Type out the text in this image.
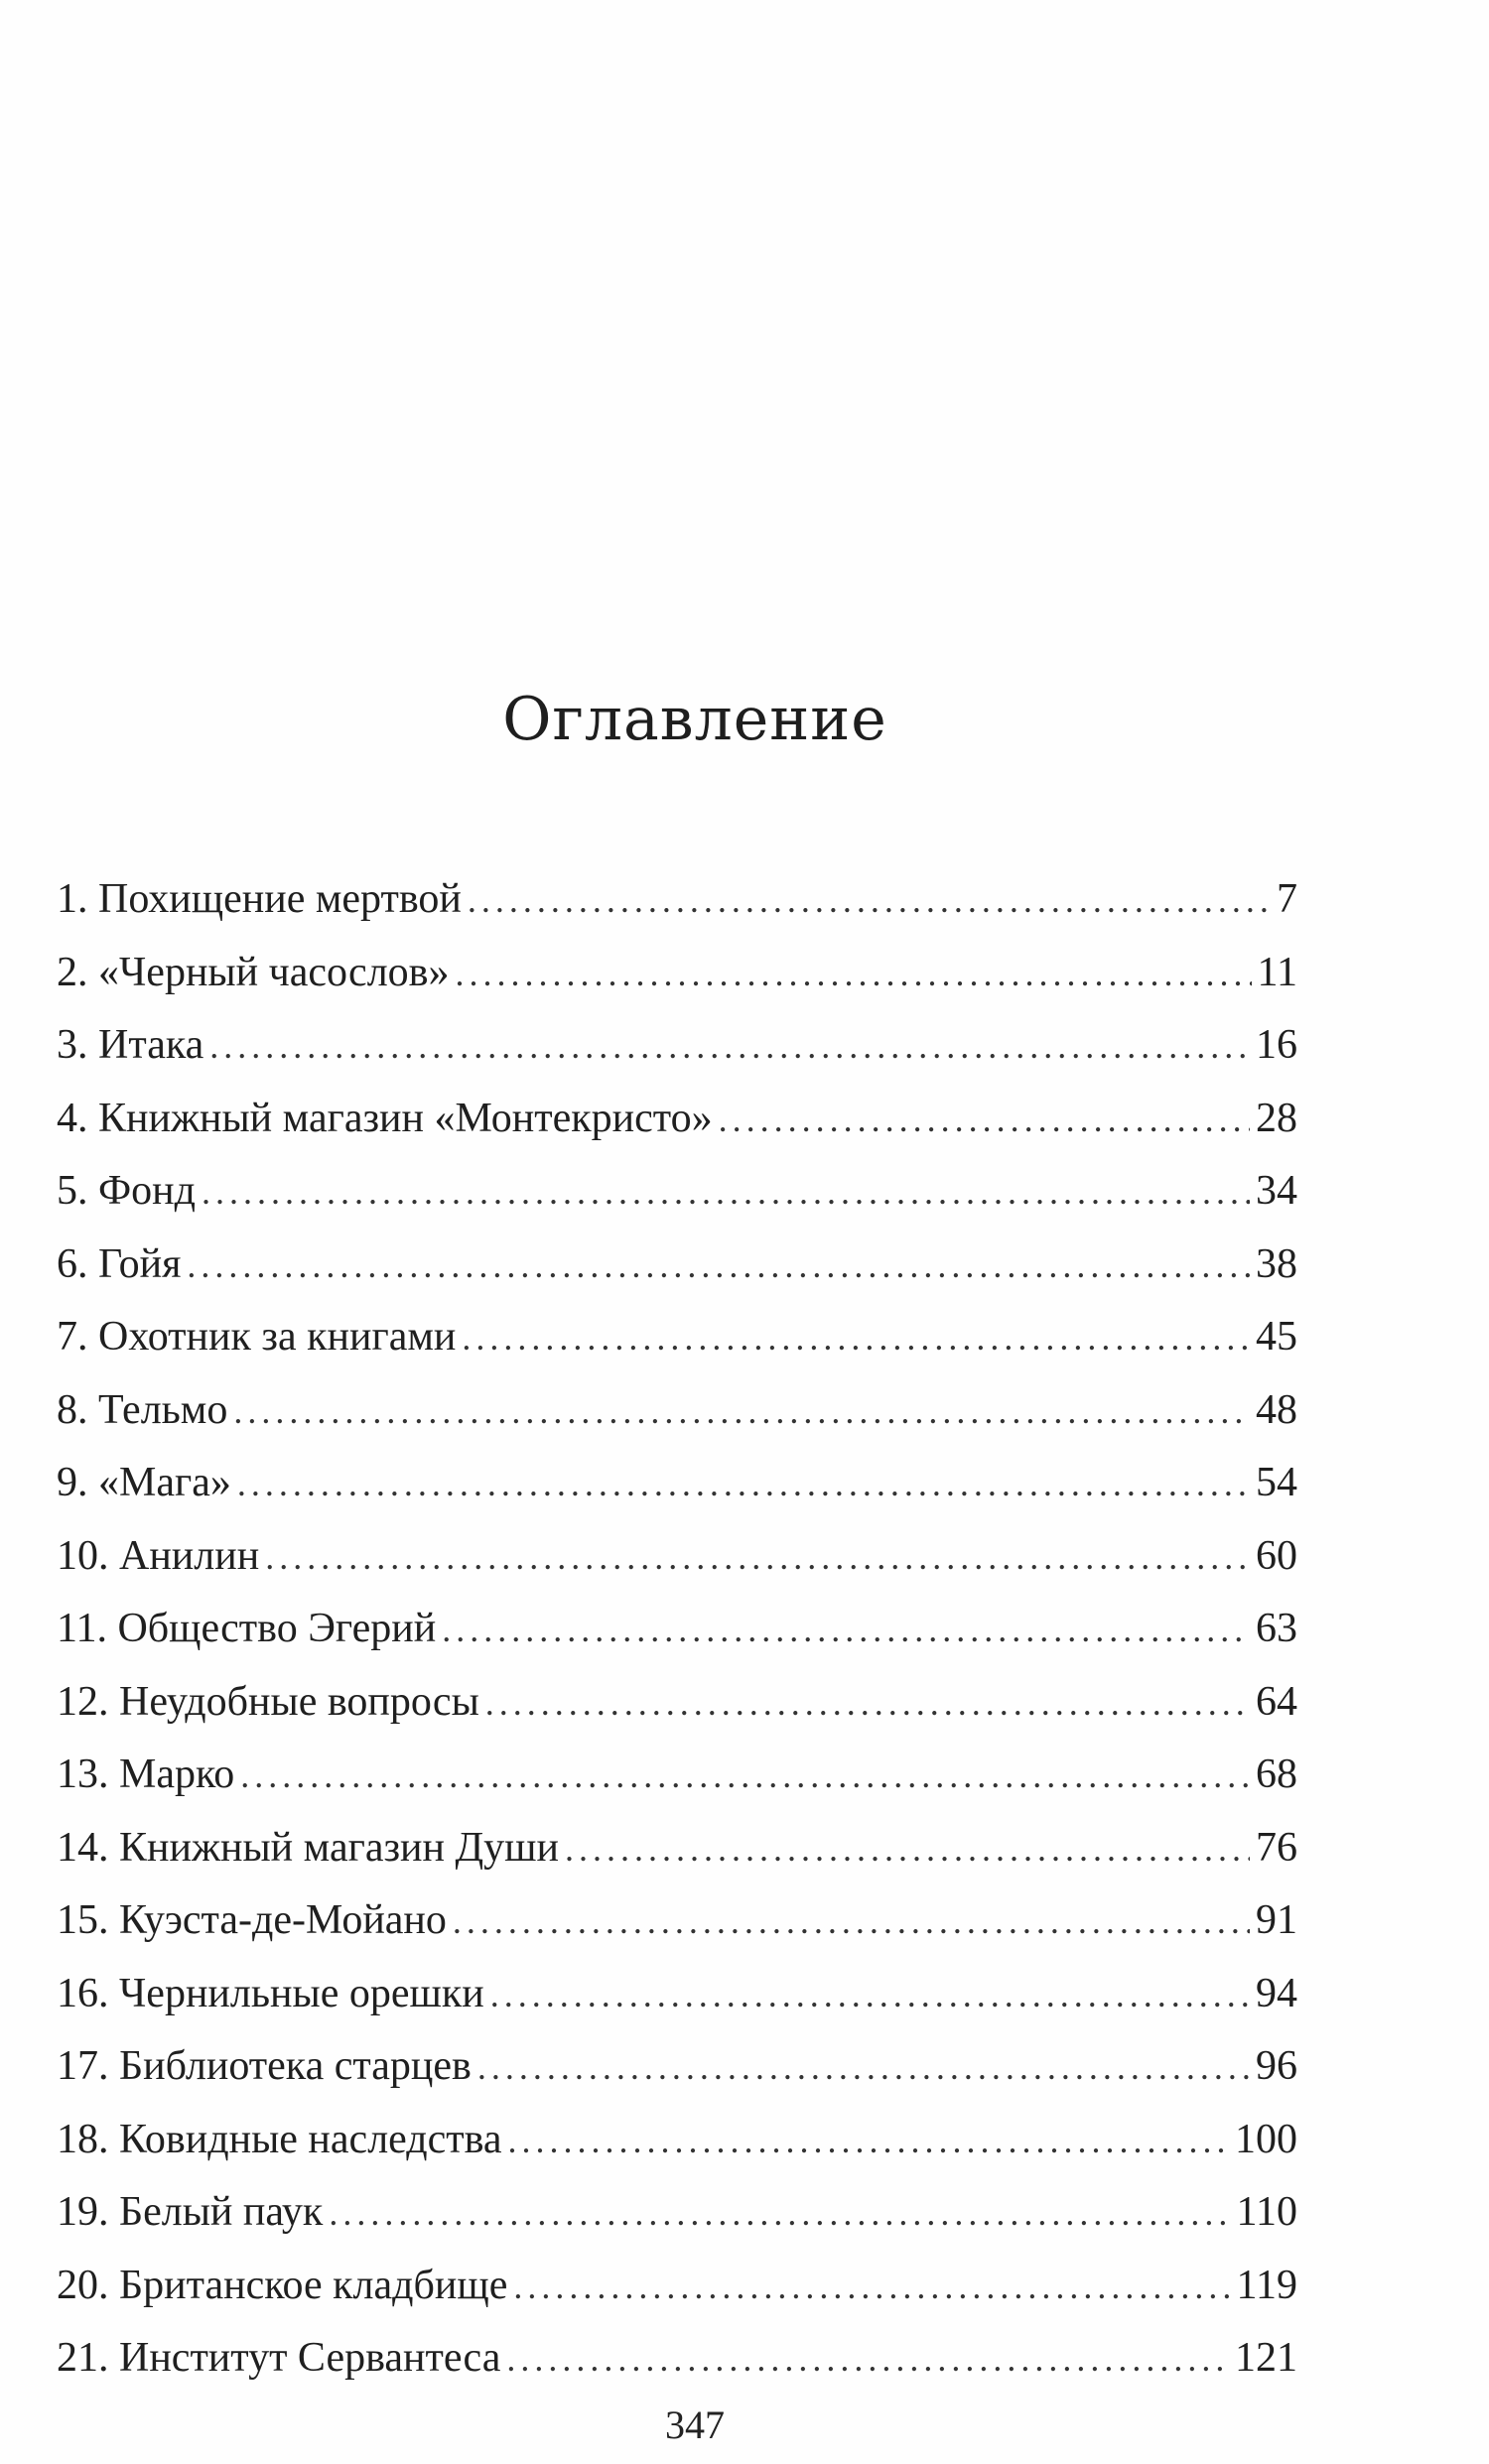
Оглавление
1. Похищение мертвой . . .	7
2. «Черный часослов» . . .	11
3. Итака . . .	16
4. Книжный магазин «Монтекристо» . . .	28
5. Фонд . . .	34
6. Гойя . . .	38
7. Охотник за книгами . . .	45
8. Тельмо . . .	48
9. «Мага» . . .	54
10. Анилин . . .	60
11. Общество Эгерий . . .	63
12. Неудобные вопросы . . .	64
13. Марко . . .	68
14. Книжный магазин Души . . .	76
15. Куэста-де-Мойано . . .	91
16. Чернильные орешки . . .	94
17. Библиотека старцев . . .	96
18. Ковидные наследства . . .	100
19. Белый паук . . .	110
20. Британское кладбище . . .	119
21. Институт Сервантеса . . .	121
347
